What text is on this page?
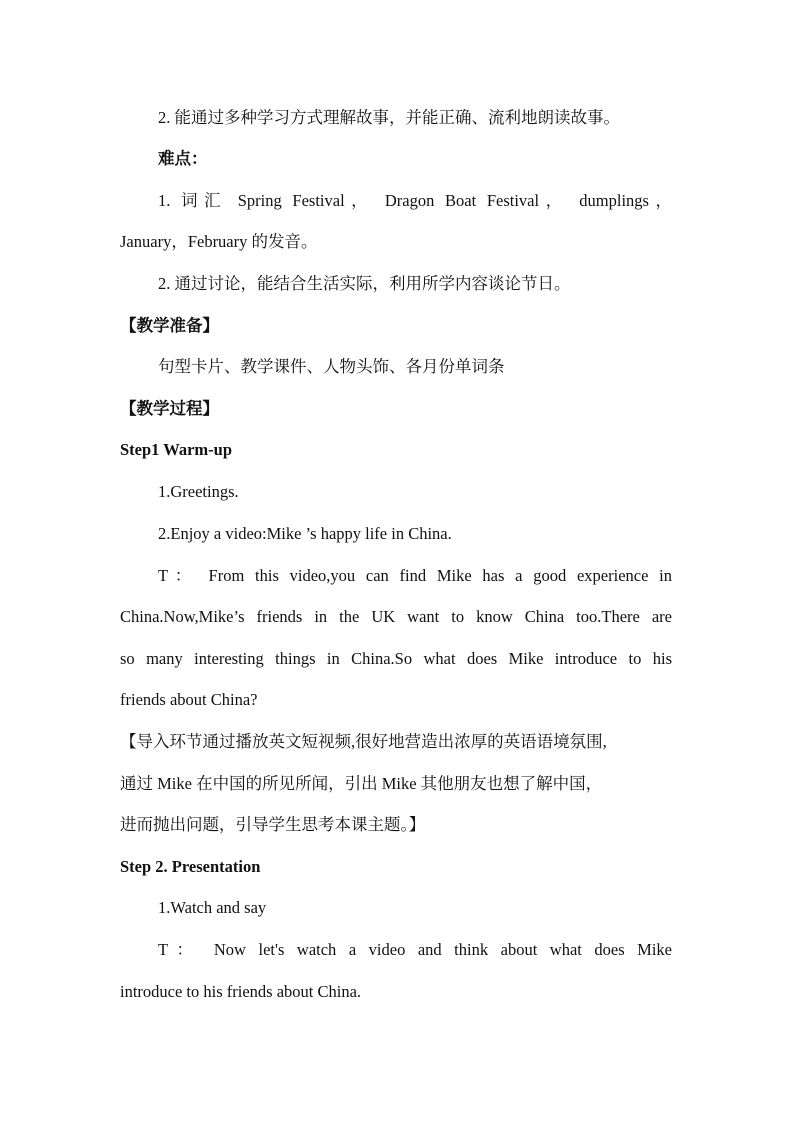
2. 能通过多种学习方式理解故事，并能正确、流利地朗读故事。
难点：
1. 词汇 Spring Festival， Dragon Boat Festival， dumplings，
January，February 的发音。
2. 通过讨论，能结合生活实际，利用所学内容谈论节日。
【教学准备】
句型卡片、教学课件、人物头饰、各月份单词条
【教学过程】
Step1 Warm-up
1.Greetings.
2.Enjoy a video:Mike ’s happy life in China.
T： From this video,you can find Mike has a good experience in
China.Now,Mike’s friends in the UK want to know China too.There are
so many interesting things in China.So what does Mike introduce to his
friends about China?
【导入环节通过播放英文短视频,很好地营造出浓厚的英语语境氛围,
通过 Mike 在中国的所见所闻，引出 Mike 其他朋友也想了解中国，
进而抛出问题，引导学生思考本课主题。】
Step 2. Presentation
1.Watch and say
T： Now let's watch a video and think about what does Mike
introduce to his friends about China.
